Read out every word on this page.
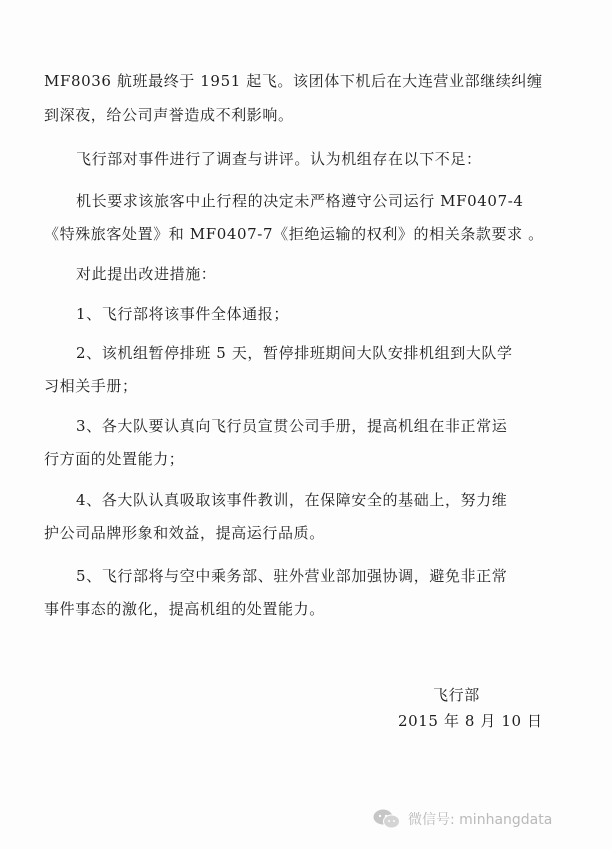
MF8036 航班最终于 1951 起飞。该团体下机后在大连营业部继续纠缠
到深夜，给公司声誉造成不利影响。
飞行部对事件进行了调查与讲评。认为机组存在以下不足：
机长要求该旅客中止行程的决定未严格遵守公司运行 MF0407-4
《特殊旅客处置》和 MF0407-7《拒绝运输的权利》的相关条款要求 。
对此提出改进措施：
1、飞行部将该事件全体通报；
2、该机组暂停排班 5 天，暂停排班期间大队安排机组到大队学
习相关手册；
3、各大队要认真向飞行员宣贯公司手册，提高机组在非正常运
行方面的处置能力；
4、各大队认真吸取该事件教训，在保障安全的基础上，努力维
护公司品牌形象和效益，提高运行品质。
5、飞行部将与空中乘务部、驻外营业部加强协调，避免非正常
事件事态的激化，提高机组的处置能力。
飞行部
2015 年 8 月 10 日
微信号: minhangdata
